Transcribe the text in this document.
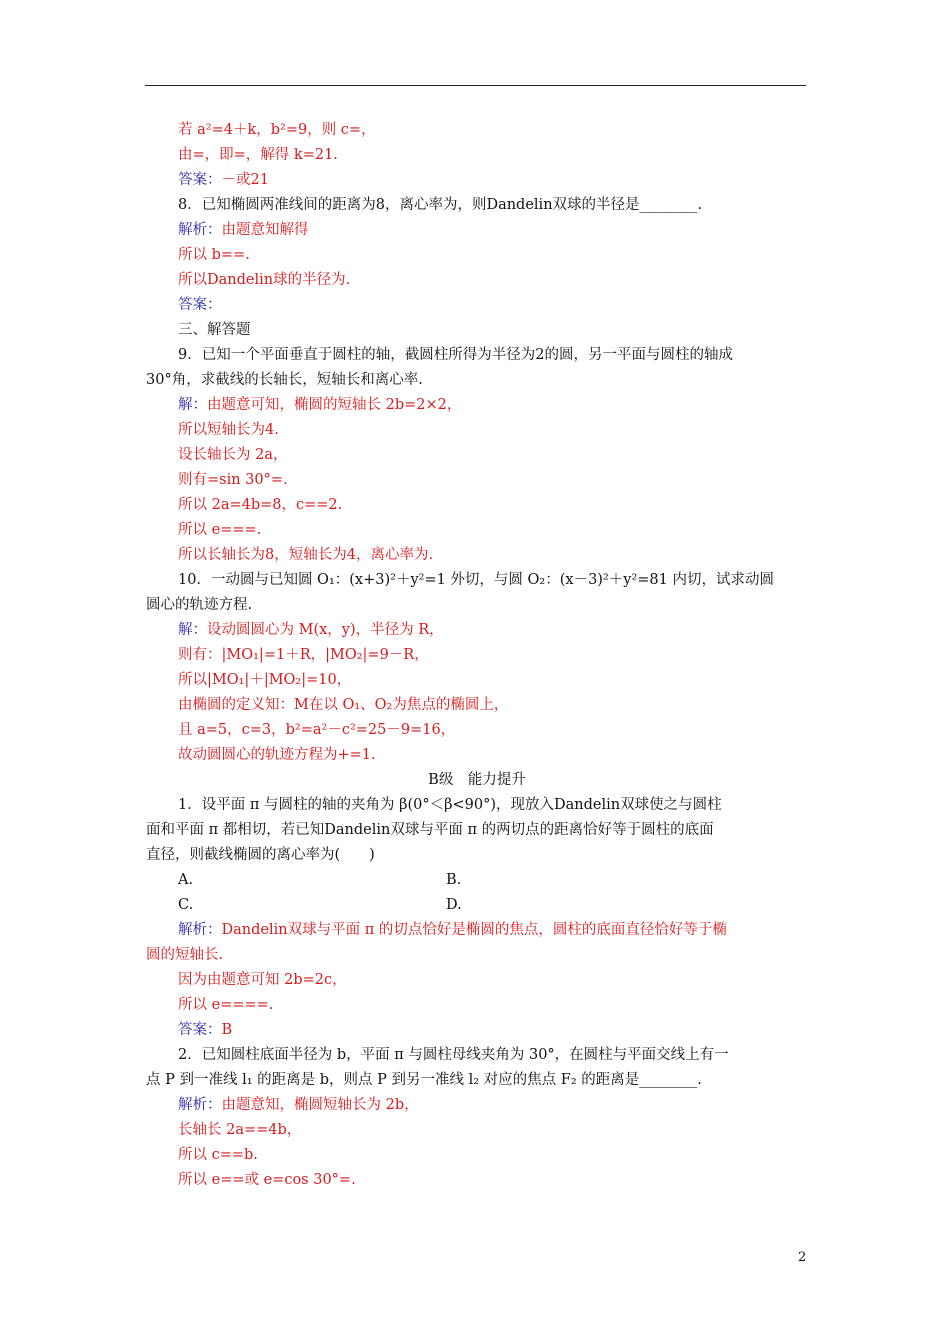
若 a²=4＋k，b²=9，则 c=，
由=，即=，解得 k=21.
答案：－或21
8．已知椭圆两准线间的距离为8，离心率为，则Dandelin双球的半径是________.
解析：由题意知解得
所以 b==.
所以Dandelin球的半径为.
答案：
三、解答题
9．已知一个平面垂直于圆柱的轴，截圆柱所得为半径为2的圆，另一平面与圆柱的轴成
30°角，求截线的长轴长，短轴长和离心率.
解：由题意可知，椭圆的短轴长 2b=2×2，
所以短轴长为4.
设长轴长为 2a，
则有=sin 30°=.
所以 2a=4b=8，c==2.
所以 e===.
所以长轴长为8，短轴长为4，离心率为.
10．一动圆与已知圆 O₁：(x+3)²＋y²=1 外切，与圆 O₂：(x－3)²＋y²=81 内切，试求动圆
圆心的轨迹方程.
解：设动圆圆心为 M(x，y)，半径为 R，
则有：|MO₁|=1＋R，|MO₂|=9－R，
所以|MO₁|＋|MO₂|=10，
由椭圆的定义知：M在以 O₁、O₂为焦点的椭圆上，
且 a=5，c=3，b²=a²－c²=25－9=16，
故动圆圆心的轨迹方程为+=1.
B级　能力提升
1．设平面 π 与圆柱的轴的夹角为 β(0°＜β<90°)，现放入Dandelin双球使之与圆柱
面和平面 π 都相切，若已知Dandelin双球与平面 π 的两切点的距离恰好等于圆柱的底面
直径，则截线椭圆的离心率为(　　)
A.	B.
C.	D.
解析：Dandelin双球与平面 π 的切点恰好是椭圆的焦点，圆柱的底面直径恰好等于椭
圆的短轴长.
因为由题意可知 2b=2c，
所以 e====.
答案：B
2．已知圆柱底面半径为 b，平面 π 与圆柱母线夹角为 30°，在圆柱与平面交线上有一
点 P 到一准线 l₁ 的距离是 b，则点 P 到另一准线 l₂ 对应的焦点 F₂ 的距离是________.
解析：由题意知，椭圆短轴长为 2b，
长轴长 2a==4b，
所以 c==b.
所以 e==或 e=cos 30°=.
2
